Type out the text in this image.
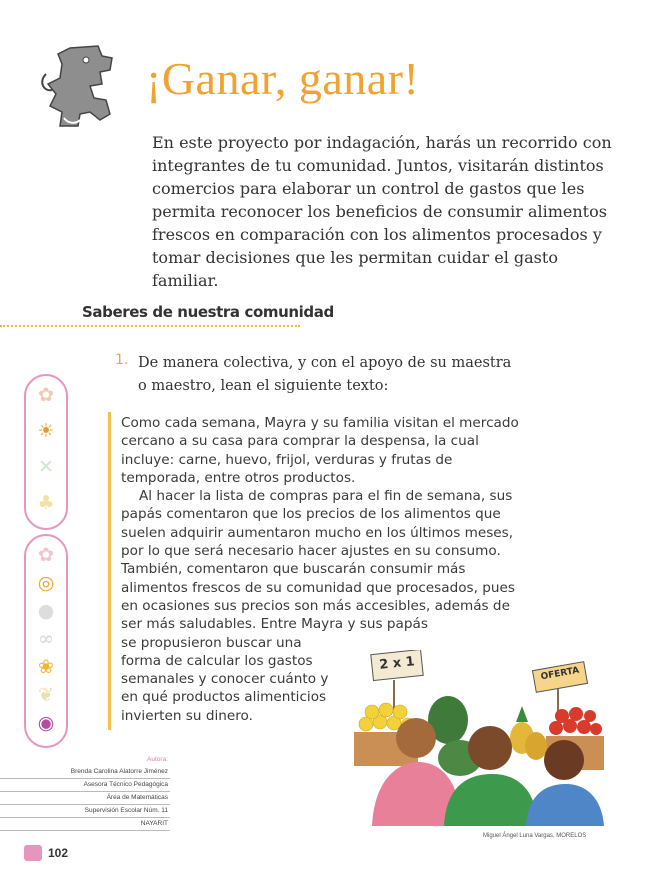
¡Ganar, ganar!
En este proyecto por indagación, harás un recorrido con integrantes de tu comunidad. Juntos, visitarán distintos comercios para elaborar un control de gastos que les permita reconocer los beneficios de consumir alimentos frescos en comparación con los alimentos procesados y tomar decisiones que les permitan cuidar el gasto familiar.
Saberes de nuestra comunidad
1. De manera colectiva, y con el apoyo de su maestra o maestro, lean el siguiente texto:

Como cada semana, Mayra y su familia visitan el mercado cercano a su casa para comprar la despensa, la cual incluye: carne, huevo, frijol, verduras y frutas de temporada, entre otros productos.

Al hacer la lista de compras para el fin de semana, sus papás comentaron que los precios de los alimentos que suelen adquirir aumentaron mucho en los últimos meses, por lo que será necesario hacer ajustes en su consumo. También, comentaron que buscarán consumir más alimentos frescos de su comunidad que procesados, pues en ocasiones sus precios son más accesibles, además de ser más saludables. Entre Mayra y sus papás

se propusieron buscar una forma de calcular los gastos semanales y conocer cuánto y en qué productos alimenticios invierten su dinero.

✿
☀
✕
♣
✿
◎
●
∞
❀
❦
◉
2 x 1
OFERTA
Miguel Ángel Luna Vargas, MORELOS
Autora:
Brenda Carolina Alatorre Jiménez
Asesora Técnico Pedagógica
Área de Matemáticas
Supervisión Escolar Núm. 11
NAYARIT
102
